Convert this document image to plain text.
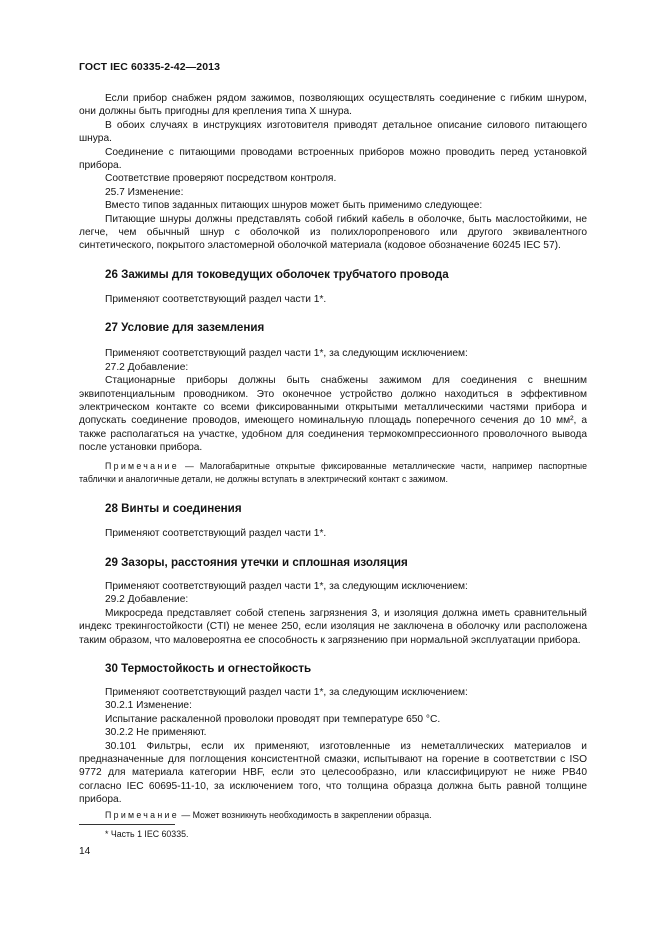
ГОСТ IEC 60335-2-42—2013

Если прибор снабжен рядом зажимов, позволяющих осуществлять соединение с гибким шнуром, они должны быть пригодны для крепления типа X шнура.

В обоих случаях в инструкциях изготовителя приводят детальное описание силового питающего шнура.

Соединение с питающими проводами встроенных приборов можно проводить перед установкой прибора.

Соответствие проверяют посредством контроля.

25.7 Изменение:

Вместо типов заданных питающих шнуров может быть применимо следующее:

Питающие шнуры должны представлять собой гибкий кабель в оболочке, быть маслостойкими, не легче, чем обычный шнур с оболочкой из полихлоропренового или другого эквивалентного синтетического, покрытого эластомерной оболочкой материала (кодовое обозначение 60245 IEC 57).

26 Зажимы для токоведущих оболочек трубчатого провода

Применяют соответствующий раздел части 1*.

27 Условие для заземления

Применяют соответствующий раздел части 1*, за следующим исключением:

27.2 Добавление:

Стационарные приборы должны быть снабжены зажимом для соединения с внешним эквипотенциальным проводником. Это оконечное устройство должно находиться в эффективном электрическом контакте со всеми фиксированными открытыми металлическими частями прибора и допускать соединение проводов, имеющего номинальную площадь поперечного сечения до 10 мм², а также располагаться на участке, удобном для соединения термокомпрессионного проволочного вывода после установки прибора.

Примечание — Малогабаритные открытые фиксированные металлические части, например паспортные таблички и аналогичные детали, не должны вступать в электрический контакт с зажимом.

28 Винты и соединения

Применяют соответствующий раздел части 1*.

29 Зазоры, расстояния утечки и сплошная изоляция

Применяют соответствующий раздел части 1*, за следующим исключением:

29.2 Добавление:

Микросреда представляет собой степень загрязнения 3, и изоляция должна иметь сравнительный индекс трекингостойкости (CTI) не менее 250, если изоляция не заключена в оболочку или расположена таким образом, что маловероятна ее способность к загрязнению при нормальной эксплуатации прибора.

30 Термостойкость и огнестойкость

Применяют соответствующий раздел части 1*, за следующим исключением:

30.2.1 Изменение:

Испытание раскаленной проволоки проводят при температуре 650 °С.

30.2.2 Не применяют.

30.101 Фильтры, если их применяют, изготовленные из неметаллических материалов и предназначенные для поглощения консистентной смазки, испытывают на горение в соответствии с ISO 9772 для материала категории HBF, если это целесообразно, или классифицируют не ниже PB40 согласно IEC 60695-11-10, за исключением того, что толщина образца должна быть равной толщине прибора.

Примечание — Может возникнуть необходимость в закреплении образца.

* Часть 1 IEC 60335.
14
